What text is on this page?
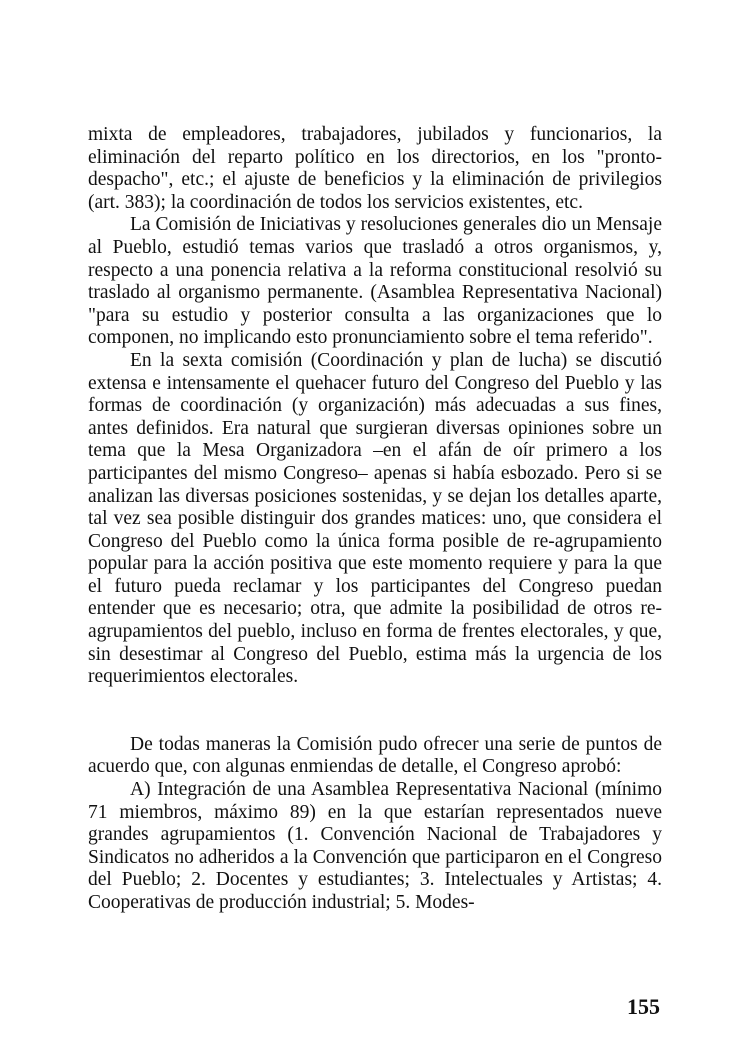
mixta de empleadores, trabajadores, jubilados y funcionarios, la eliminación del reparto político en los directorios, en los "pronto-despacho", etc.; el ajuste de beneficios y la eliminación de privilegios (art. 383); la coordinación de todos los servicios existentes, etc.

La Comisión de Iniciativas y resoluciones generales dio un Mensaje al Pueblo, estudió temas varios que trasladó a otros organismos, y, respecto a una ponencia relativa a la reforma constitucional resolvió su traslado al organismo permanente. (Asamblea Representativa Nacional) "para su estudio y posterior consulta a las organizaciones que lo componen, no implicando esto pronunciamiento sobre el tema referido".

En la sexta comisión (Coordinación y plan de lucha) se discutió extensa e intensamente el quehacer futuro del Congreso del Pueblo y las formas de coordinación (y organización) más adecuadas a sus fines, antes definidos. Era natural que surgieran diversas opiniones sobre un tema que la Mesa Organizadora –en el afán de oír primero a los participantes del mismo Congreso– apenas si había esbozado. Pero si se analizan las diversas posiciones sostenidas, y se dejan los detalles aparte, tal vez sea posible distinguir dos grandes matices: uno, que considera el Congreso del Pueblo como la única forma posible de re-agrupamiento popular para la acción positiva que este momento requiere y para la que el futuro pueda reclamar y los participantes del Congreso puedan entender que es necesario; otra, que admite la posibilidad de otros re-agrupamientos del pueblo, incluso en forma de frentes electorales, y que, sin desestimar al Congreso del Pueblo, estima más la urgencia de los requerimientos electorales.

De todas maneras la Comisión pudo ofrecer una serie de puntos de acuerdo que, con algunas enmiendas de detalle, el Congreso aprobó:

A) Integración de una Asamblea Representativa Nacional (mínimo 71 miembros, máximo 89) en la que estarían representados nueve grandes agrupamientos (1. Convención Nacional de Trabajadores y Sindicatos no adheridos a la Convención que participaron en el Congreso del Pueblo; 2. Docentes y estudiantes; 3. Intelectuales y Artistas; 4. Cooperativas de producción industrial; 5. Modes-

155
